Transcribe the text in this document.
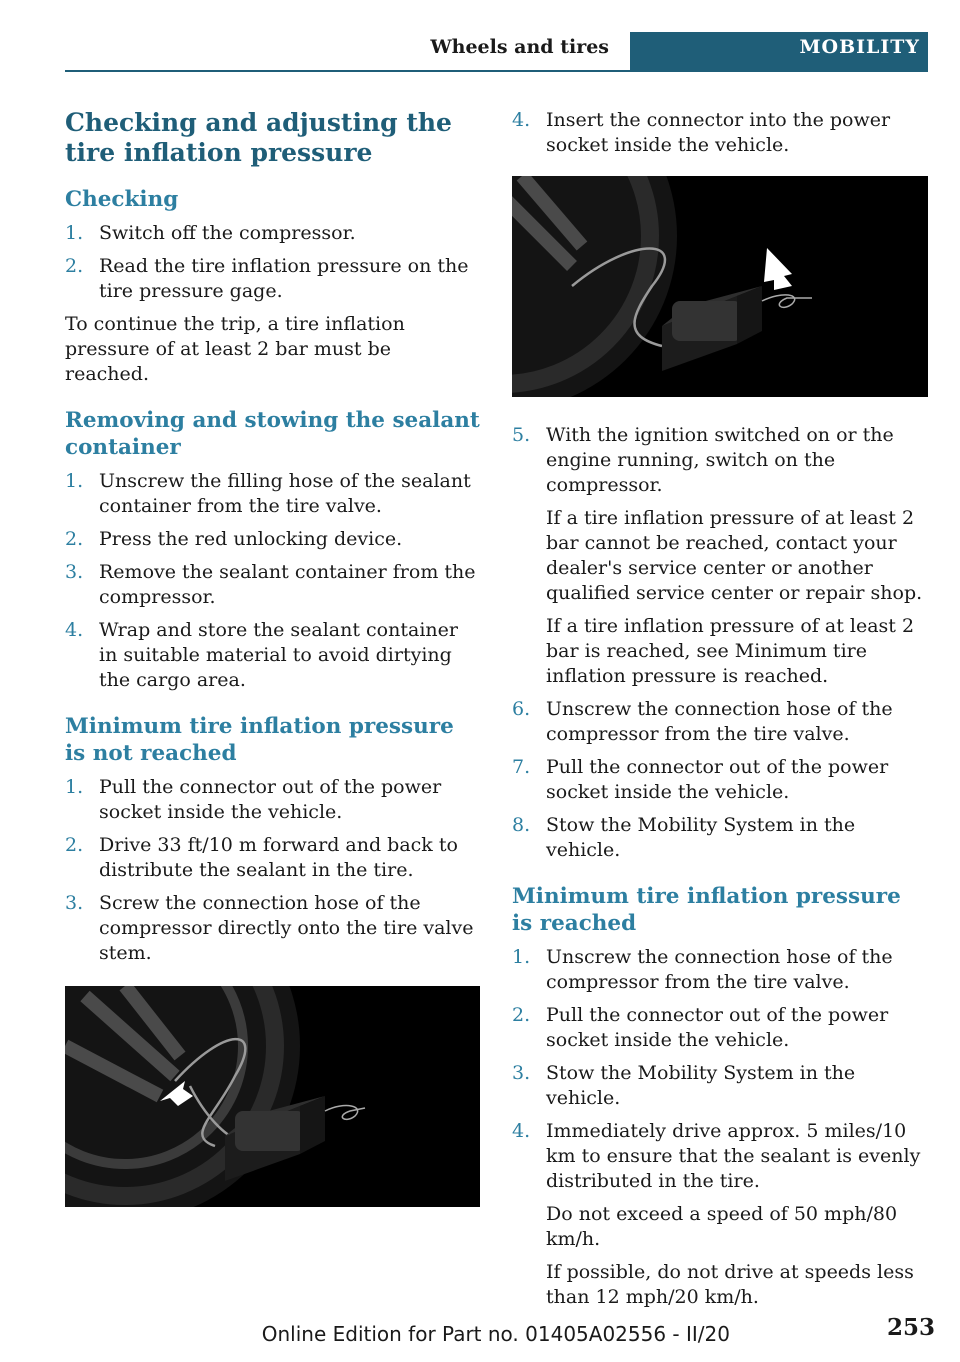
Wheels and tires	MOBILITY
Checking and adjusting the tire inflation pressure
Checking
1. Switch off the compressor.

2. Read the tire inflation pressure on the tire pressure gage.

To continue the trip, a tire inflation pressure of at least 2 bar must be reached.

Removing and stowing the sealant container
1. Unscrew the filling hose of the sealant container from the tire valve.

2. Press the red unlocking device.

3. Remove the sealant container from the compressor.

4. Wrap and store the sealant container in suitable material to avoid dirtying the cargo area.

Minimum tire inflation pressure is not reached
1. Pull the connector out of the power socket inside the vehicle.

2. Drive 33 ft/10 m forward and back to distribute the sealant in the tire.

3. Screw the connection hose of the compressor directly onto the tire valve stem.

4. Insert the connector into the power socket inside the vehicle.

5. With the ignition switched on or the engine running, switch on the compressor.

If a tire inflation pressure of at least 2 bar cannot be reached, contact your dealer's service center or another qualified service center or repair shop.

If a tire inflation pressure of at least 2 bar is reached, see Minimum tire inflation pressure is reached.

6. Unscrew the connection hose of the compressor from the tire valve.

7. Pull the connector out of the power socket inside the vehicle.

8. Stow the Mobility System in the vehicle.

Minimum tire inflation pressure is reached
1. Unscrew the connection hose of the compressor from the tire valve.

2. Pull the connector out of the power socket inside the vehicle.

3. Stow the Mobility System in the vehicle.

4. Immediately drive approx. 5 miles/10 km to ensure that the sealant is evenly distributed in the tire.

Do not exceed a speed of 50 mph/80 km/h.

If possible, do not drive at speeds less than 12 mph/20 km/h.

Online Edition for Part no. 01405A02556 - II/20	253
